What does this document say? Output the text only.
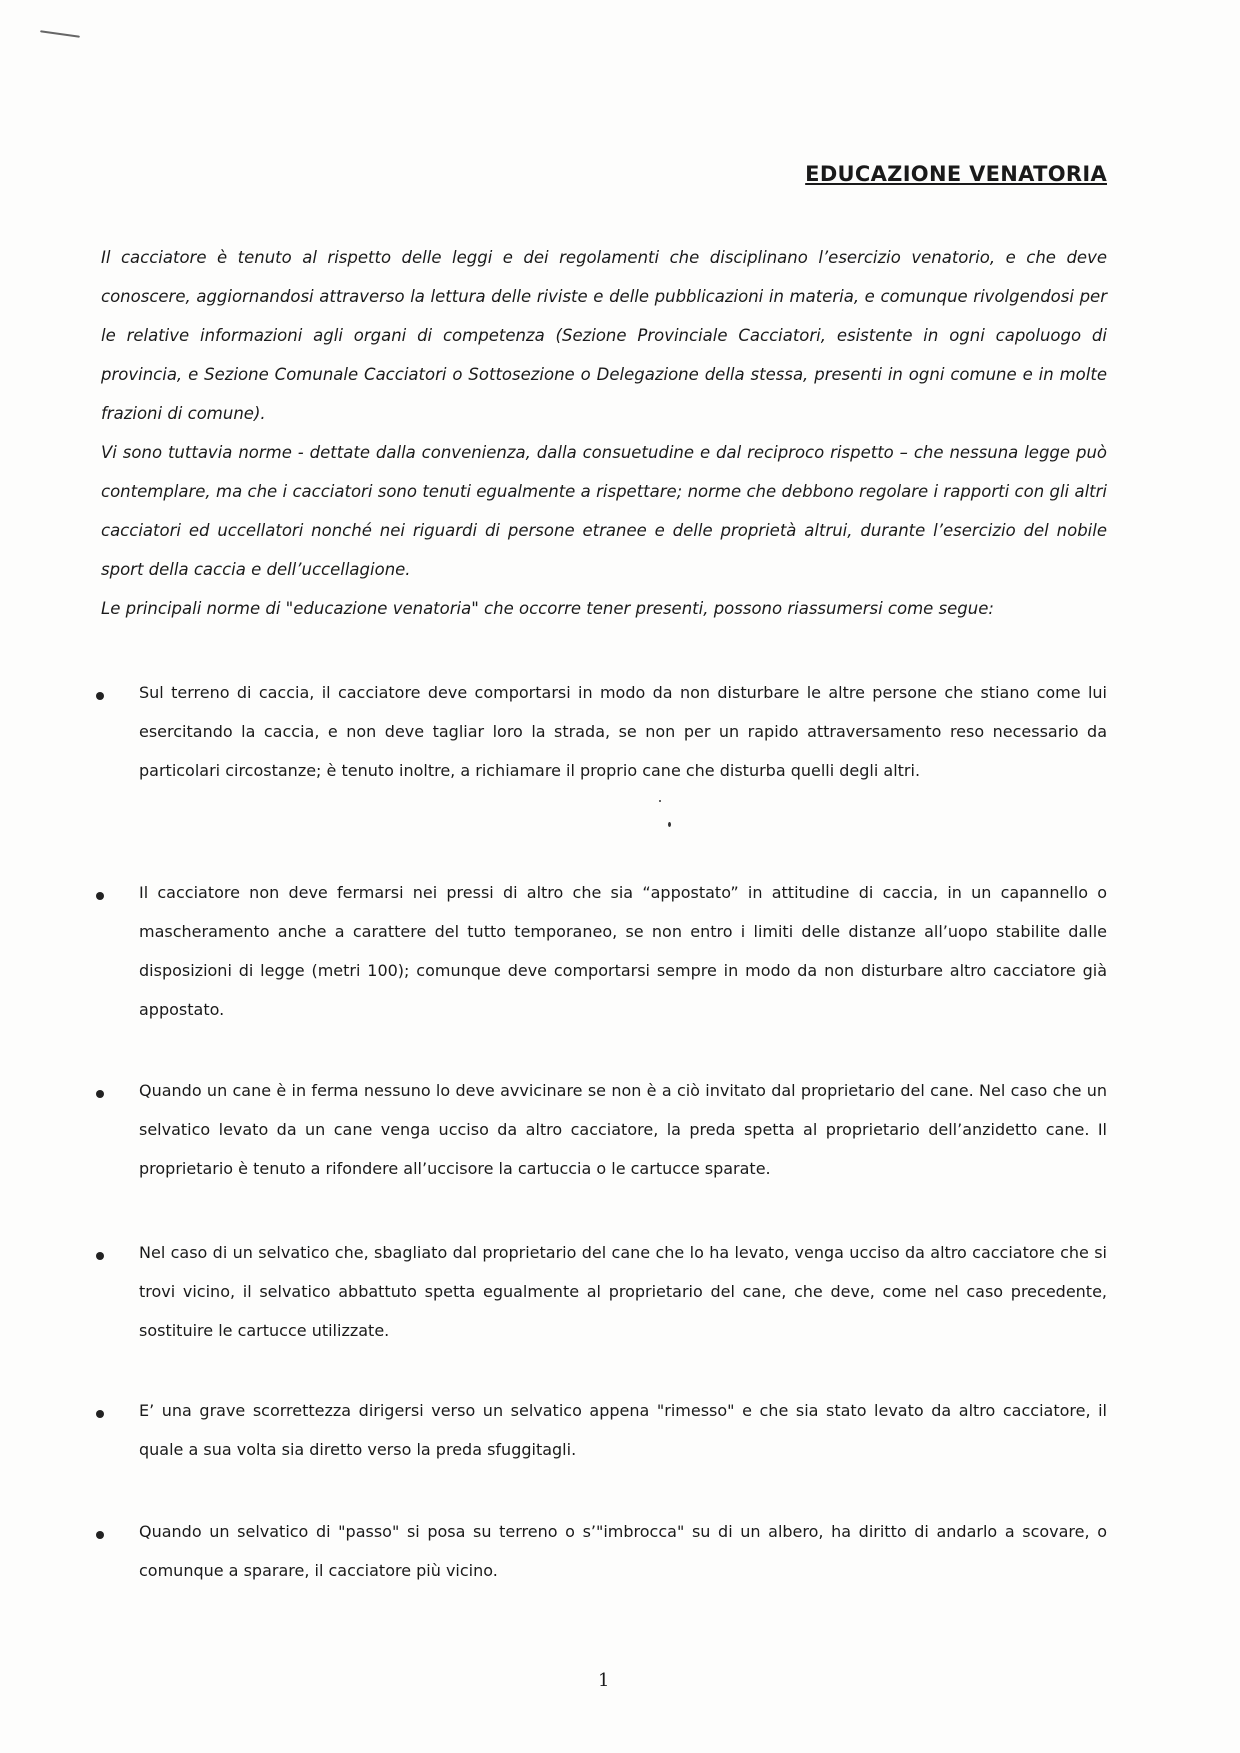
EDUCAZIONE VENATORIA

Il cacciatore è tenuto al rispetto delle leggi e dei regolamenti che disciplinano l’esercizio venatorio, e che deve conoscere, aggiornandosi attraverso la lettura delle riviste e delle pubblicazioni in materia, e comunque rivolgendosi per le relative informazioni agli organi di competenza (Sezione Provinciale Cacciatori, esistente in ogni capoluogo di provincia, e Sezione Comunale Cacciatori o Sottosezione o Delegazione della stessa, presenti in ogni comune e in molte frazioni di comune).

Vi sono tuttavia norme - dettate dalla convenienza, dalla consuetudine e dal reciproco rispetto – che nessuna legge può contemplare, ma che i cacciatori sono tenuti egualmente a rispettare; norme che debbono regolare i rapporti con gli altri cacciatori ed uccellatori nonché nei riguardi di persone etranee e delle proprietà altrui, durante l’esercizio del nobile sport della caccia e dell’uccellagione.

Le principali norme di "educazione venatoria" che occorre tener presenti, possono riassumersi come segue:

Sul terreno di caccia, il cacciatore deve comportarsi in modo da non disturbare le altre persone che stiano come lui esercitando la caccia, e non deve tagliar loro la strada, se non per un rapido attraversamento reso necessario da particolari circostanze; è tenuto inoltre, a richiamare il proprio cane che disturba quelli degli altri.
Il cacciatore non deve fermarsi nei pressi di altro che sia “appostato” in attitudine di caccia, in un capannello o mascheramento anche a carattere del tutto temporaneo, se non entro i limiti delle distanze all’uopo stabilite dalle disposizioni di legge (metri 100); comunque deve comportarsi sempre in modo da non disturbare altro cacciatore già appostato.
Quando un cane è in ferma nessuno lo deve avvicinare se non è a ciò invitato dal proprietario del cane. Nel caso che un selvatico levato da un cane venga ucciso da altro cacciatore, la preda spetta al proprietario dell’anzidetto cane. Il proprietario è tenuto a rifondere all’uccisore la cartuccia o le cartucce sparate.
Nel caso di un selvatico che, sbagliato dal proprietario del cane che lo ha levato, venga ucciso da altro cacciatore che si trovi vicino, il selvatico abbattuto spetta egualmente al proprietario del cane, che deve, come nel caso precedente, sostituire le cartucce utilizzate.
E’ una grave scorrettezza dirigersi verso un selvatico appena "rimesso" e che sia stato levato da altro cacciatore, il quale a sua volta sia diretto verso la preda sfuggitagli.
Quando un selvatico di "passo" si posa su terreno o s’"imbrocca" su di un albero, ha diritto di andarlo a scovare, o comunque a sparare, il cacciatore più vicino.
1
